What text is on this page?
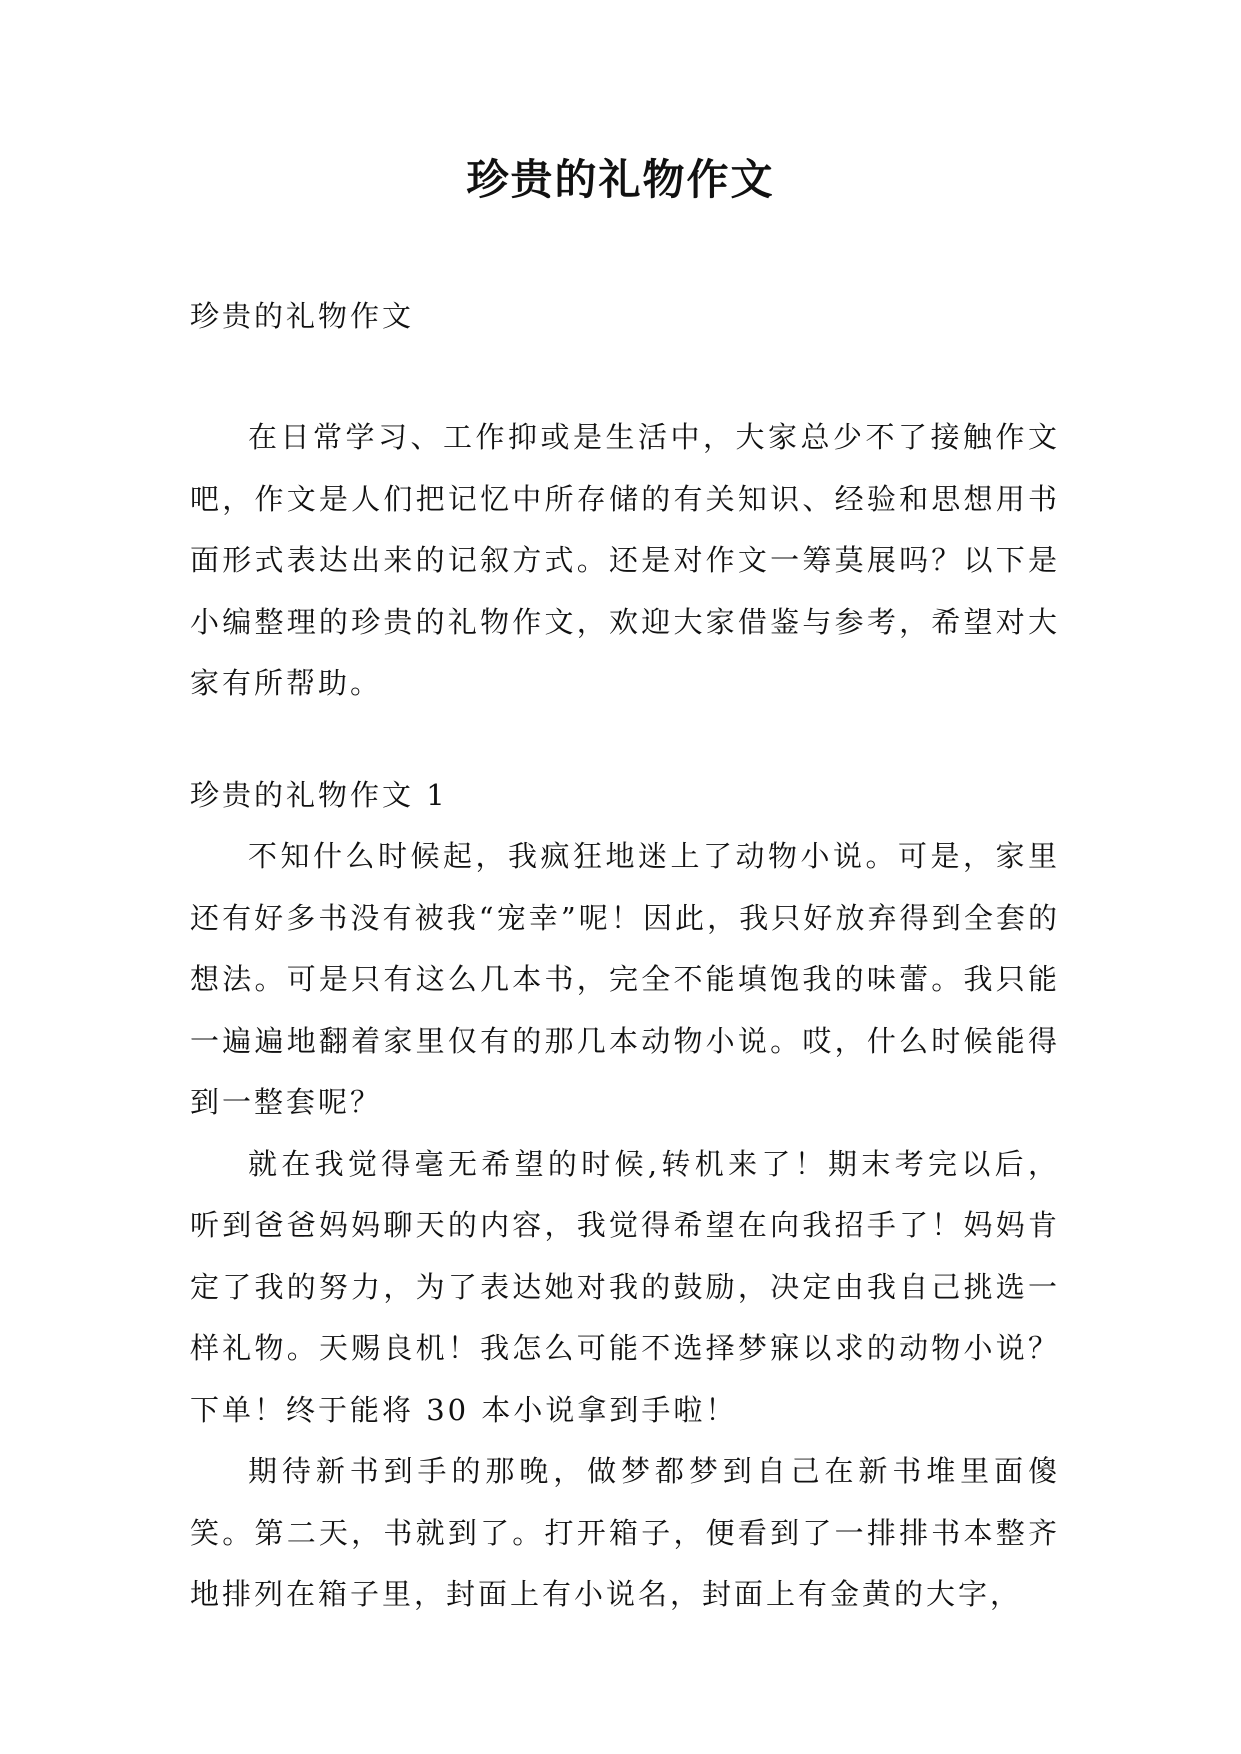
珍贵的礼物作文

珍贵的礼物作文

在日常学习、工作抑或是生活中，大家总少不了接触作文吧，作文是人们把记忆中所存储的有关知识、经验和思想用书面形式表达出来的记叙方式。还是对作文一筹莫展吗？以下是小编整理的珍贵的礼物作文，欢迎大家借鉴与参考，希望对大家有所帮助。

珍贵的礼物作文 1

不知什么时候起，我疯狂地迷上了动物小说。可是，家里还有好多书没有被我“宠幸”呢！因此，我只好放弃得到全套的想法。可是只有这么几本书，完全不能填饱我的味蕾。我只能一遍遍地翻着家里仅有的那几本动物小说。哎，什么时候能得到一整套呢？

就在我觉得毫无希望的时候,转机来了！期末考完以后，听到爸爸妈妈聊天的内容，我觉得希望在向我招手了！妈妈肯定了我的努力，为了表达她对我的鼓励，决定由我自己挑选一样礼物。天赐良机！我怎么可能不选择梦寐以求的动物小说？下单！终于能将 30 本小说拿到手啦！

期待新书到手的那晚，做梦都梦到自己在新书堆里面傻笑。第二天，书就到了。打开箱子，便看到了一排排书本整齐地排列在箱子里，封面上有小说名，封面上有金黄的大字，
